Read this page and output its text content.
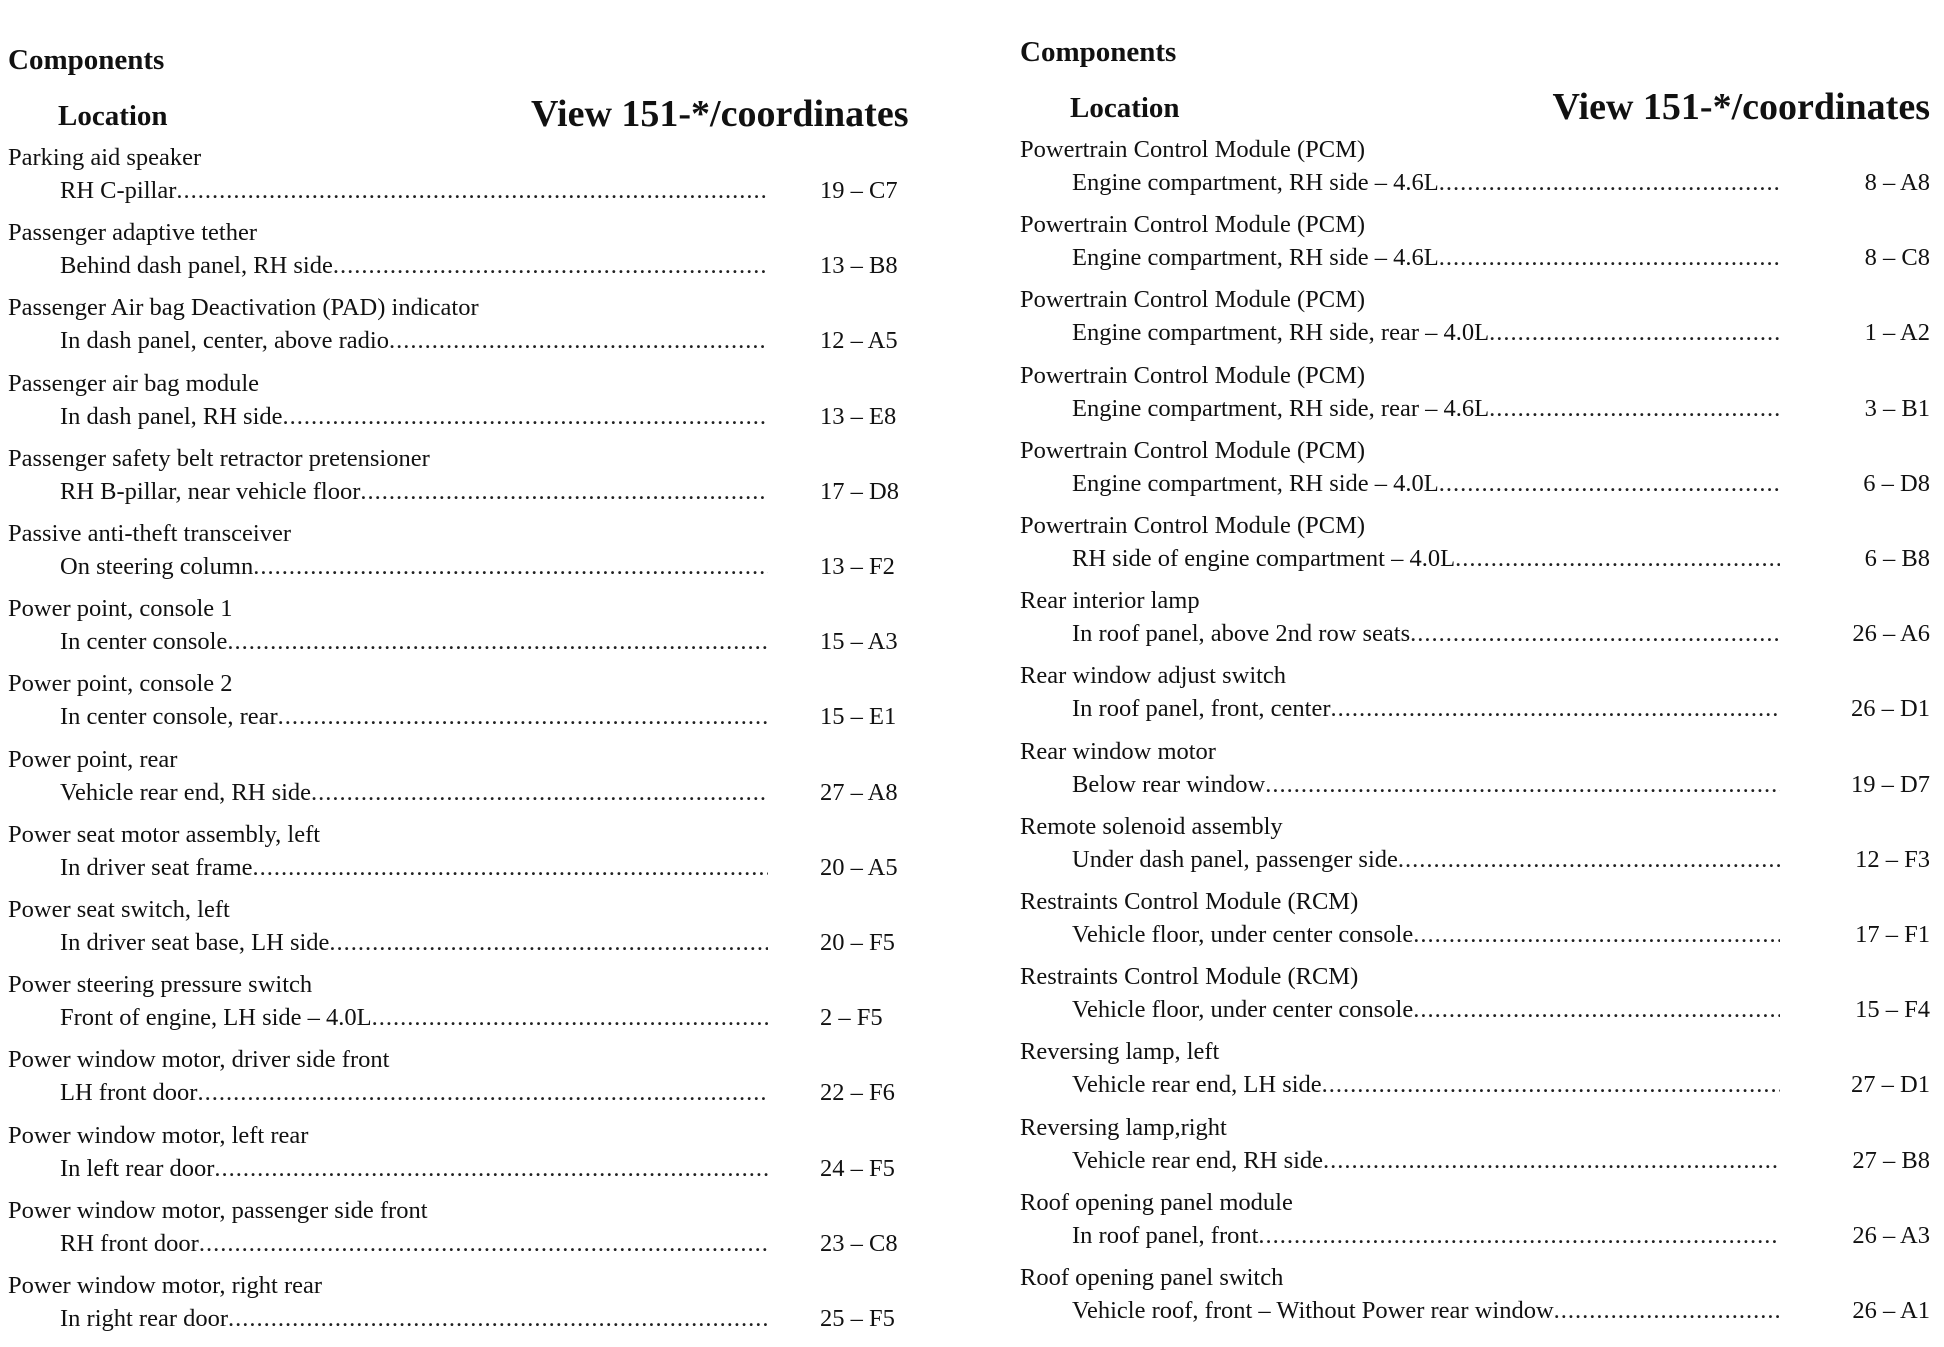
Components
Location	View 151-*/coordinates
Parking aid speaker
RH C-pillar .....	19 – C7
Passenger adaptive tether
Behind dash panel, RH side .....	13 – B8
Passenger Air bag Deactivation (PAD) indicator
In dash panel, center, above radio .....	12 – A5
Passenger air bag module
In dash panel, RH side .....	13 – E8
Passenger safety belt retractor pretensioner
RH B-pillar, near vehicle floor .....	17 – D8
Passive anti-theft transceiver
On steering column .....	13 – F2
Power point, console 1
In center console .....	15 – A3
Power point, console 2
In center console, rear .....	15 – E1
Power point, rear
Vehicle rear end, RH side .....	27 – A8
Power seat motor assembly, left
In driver seat frame .....	20 – A5
Power seat switch, left
In driver seat base, LH side .....	20 – F5
Power steering pressure switch
Front of engine, LH side – 4.0L .....	2 – F5
Power window motor, driver side front
LH front door .....	22 – F6
Power window motor, left rear
In left rear door .....	24 – F5
Power window motor, passenger side front
RH front door .....	23 – C8
Power window motor, right rear
In right rear door .....	25 – F5
Components
Location	View 151-*/coordinates
Powertrain Control Module (PCM)
Engine compartment, RH side – 4.6L .....	8 – A8
Powertrain Control Module (PCM)
Engine compartment, RH side – 4.6L .....	8 – C8
Powertrain Control Module (PCM)
Engine compartment, RH side, rear – 4.0L .....	1 – A2
Powertrain Control Module (PCM)
Engine compartment, RH side, rear – 4.6L .....	3 – B1
Powertrain Control Module (PCM)
Engine compartment, RH side – 4.0L .....	6 – D8
Powertrain Control Module (PCM)
RH side of engine compartment – 4.0L .....	6 – B8
Rear interior lamp
In roof panel, above 2nd row seats .....	26 – A6
Rear window adjust switch
In roof panel, front, center .....	26 – D1
Rear window motor
Below rear window .....	19 – D7
Remote solenoid assembly
Under dash panel, passenger side .....	12 – F3
Restraints Control Module (RCM)
Vehicle floor, under center console .....	17 – F1
Restraints Control Module (RCM)
Vehicle floor, under center console .....	15 – F4
Reversing lamp, left
Vehicle rear end, LH side .....	27 – D1
Reversing lamp,right
Vehicle rear end, RH side .....	27 – B8
Roof opening panel module
In roof panel, front .....	26 – A3
Roof opening panel switch
Vehicle roof, front – Without Power rear window .....	26 – A1
